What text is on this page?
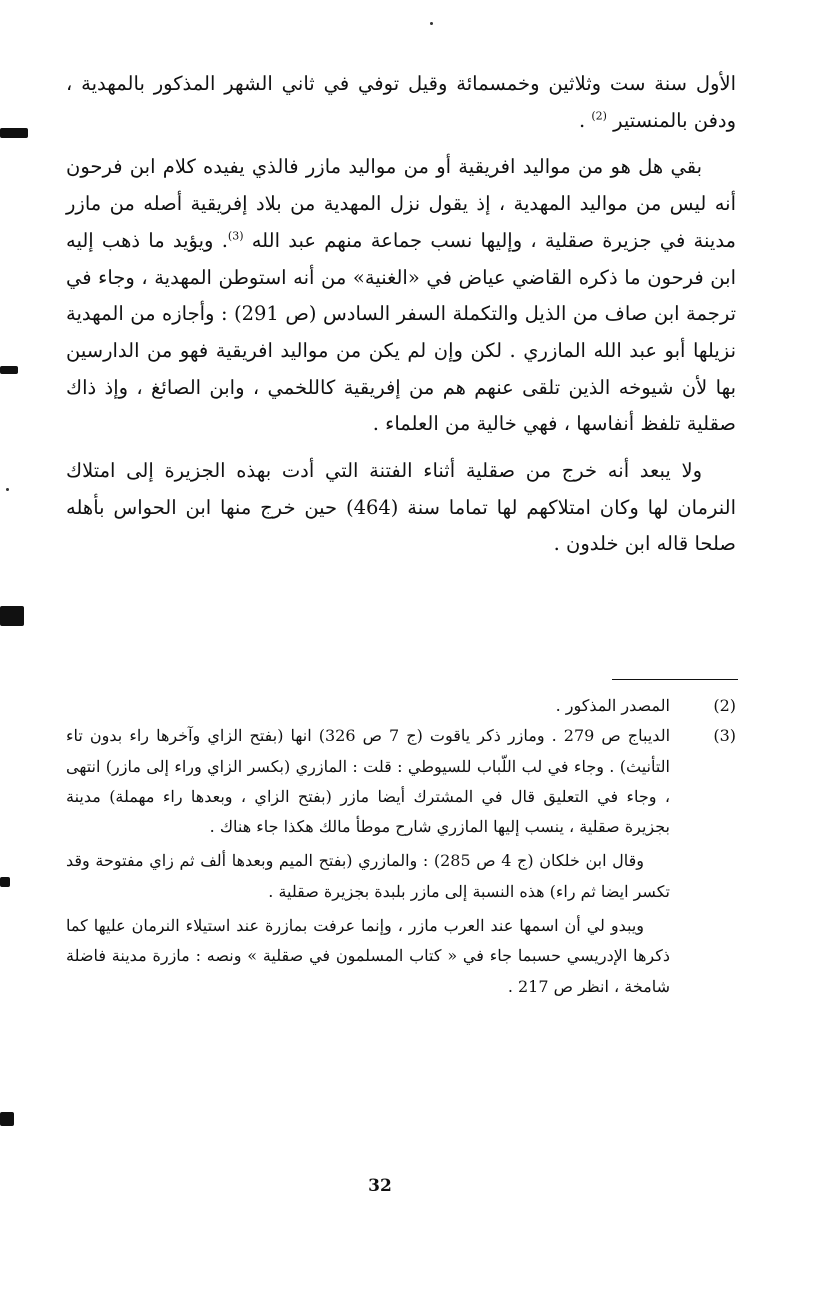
الأول سنة ست وثلاثين وخمسمائة وقيل توفي في ثاني الشهر المذكور بالمهدية ، ودفن بالمنستير $^{(2)}$ .

بقي هل هو من مواليد افريقية أو من مواليد مازر فالذي يفيده كلام ابن فرحون أنه ليس من مواليد المهدية ، إذ يقول نزل المهدية من بلاد إفريقية أصله من مازر مدينة في جزيرة صقلية ، وإليها نسب جماعة منهم عبد الله $^{(3)}$. ويؤيد ما ذهب إليه ابن فرحون ما ذكره القاضي عياض في «الغنية» من أنه استوطن المهدية ، وجاء في ترجمة ابن صاف من الذيل والتكملة السفر السادس (ص 291) : وأجازه من المهدية نزيلها أبو عبد الله المازري . لكن وإن لم يكن من مواليد افريقية فهو من الدارسين بها لأن شيوخه الذين تلقى عنهم هم من إفريقية كاللخمي ، وابن الصائغ ، وإذ ذاك صقلية تلفظ أنفاسها ، فهي خالية من العلماء .

ولا يبعد أنه خرج من صقلية أثناء الفتنة التي أدت بهذه الجزيرة إلى امتلاك النرمان لها وكان امتلاكهم لها تماما سنة (464) حين خرج منها ابن الحواس بأهله صلحا قاله ابن خلدون .

(2)

المصدر المذكور .

(3)

الديباج ص 279 . ومازر ذكر ياقوت (ج 7 ص 326) انها (بفتح الزاي وآخرها راء بدون تاء التأنيث) . وجاء في لب اللّباب للسيوطي : قلت : المازري (بكسر الزاي وراء إلى مازر) انتهى ، وجاء في التعليق قال في المشترك أيضا مازر (بفتح الزاي ، وبعدها راء مهملة) مدينة بجزيرة صقلية ، ينسب إليها المازري شارح موطأ مالك هكذا جاء هناك .

وقال ابن خلكان (ج 4 ص 285) : والمازري (بفتح الميم وبعدها ألف ثم زاي مفتوحة وقد تكسر ايضا ثم راء) هذه النسبة إلى مازر بلبدة بجزيرة صقلية .

ويبدو لي أن اسمها عند العرب مازر ، وإنما عرفت بمازرة عند استيلاء النرمان عليها كما ذكرها الإدريسي حسبما جاء في « كتاب المسلمون في صقلية » ونصه : مازرة مدينة فاضلة شامخة ، انظر ص 217 .

32
